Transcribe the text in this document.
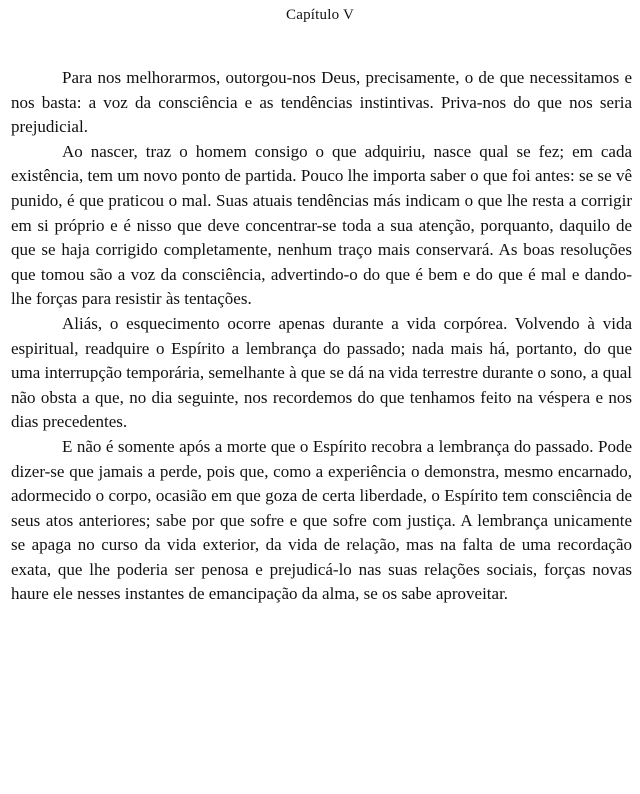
Capítulo V

Para nos melhorarmos, outorgou-nos Deus, precisamente, o de que necessitamos e nos basta: a voz da consciência e as tendências instintivas. Priva-nos do que nos seria prejudicial.

Ao nascer, traz o homem consigo o que adquiriu, nasce qual se fez; em cada existência, tem um novo ponto de partida. Pouco lhe importa saber o que foi antes: se se vê punido, é que praticou o mal. Suas atuais tendências más indicam o que lhe resta a corrigir em si próprio e é nisso que deve concentrar-se toda a sua atenção, porquanto, daquilo de que se haja corrigido completamente, nenhum traço mais conservará. As boas resoluções que tomou são a voz da consciência, advertindo-o do que é bem e do que é mal e dando-lhe forças para resistir às tentações.

Aliás, o esquecimento ocorre apenas durante a vida corpórea. Volvendo à vida espiritual, readquire o Espírito a lembrança do passado; nada mais há, portanto, do que uma interrupção temporária, semelhante à que se dá na vida terrestre durante o sono, a qual não obsta a que, no dia seguinte, nos recordemos do que tenhamos feito na véspera e nos dias precedentes.

E não é somente após a morte que o Espírito recobra a lembrança do passado. Pode dizer-se que jamais a perde, pois que, como a experiência o demonstra, mesmo encarnado, adormecido o corpo, ocasião em que goza de certa liberdade, o Espírito tem consciência de seus atos anteriores; sabe por que sofre e que sofre com justiça. A lembrança unicamente se apaga no curso da vida exterior, da vida de relação, mas na falta de uma recordação exata, que lhe poderia ser penosa e prejudicá-lo nas suas relações sociais, forças novas haure ele nesses instantes de emancipação da alma, se os sabe aproveitar.
